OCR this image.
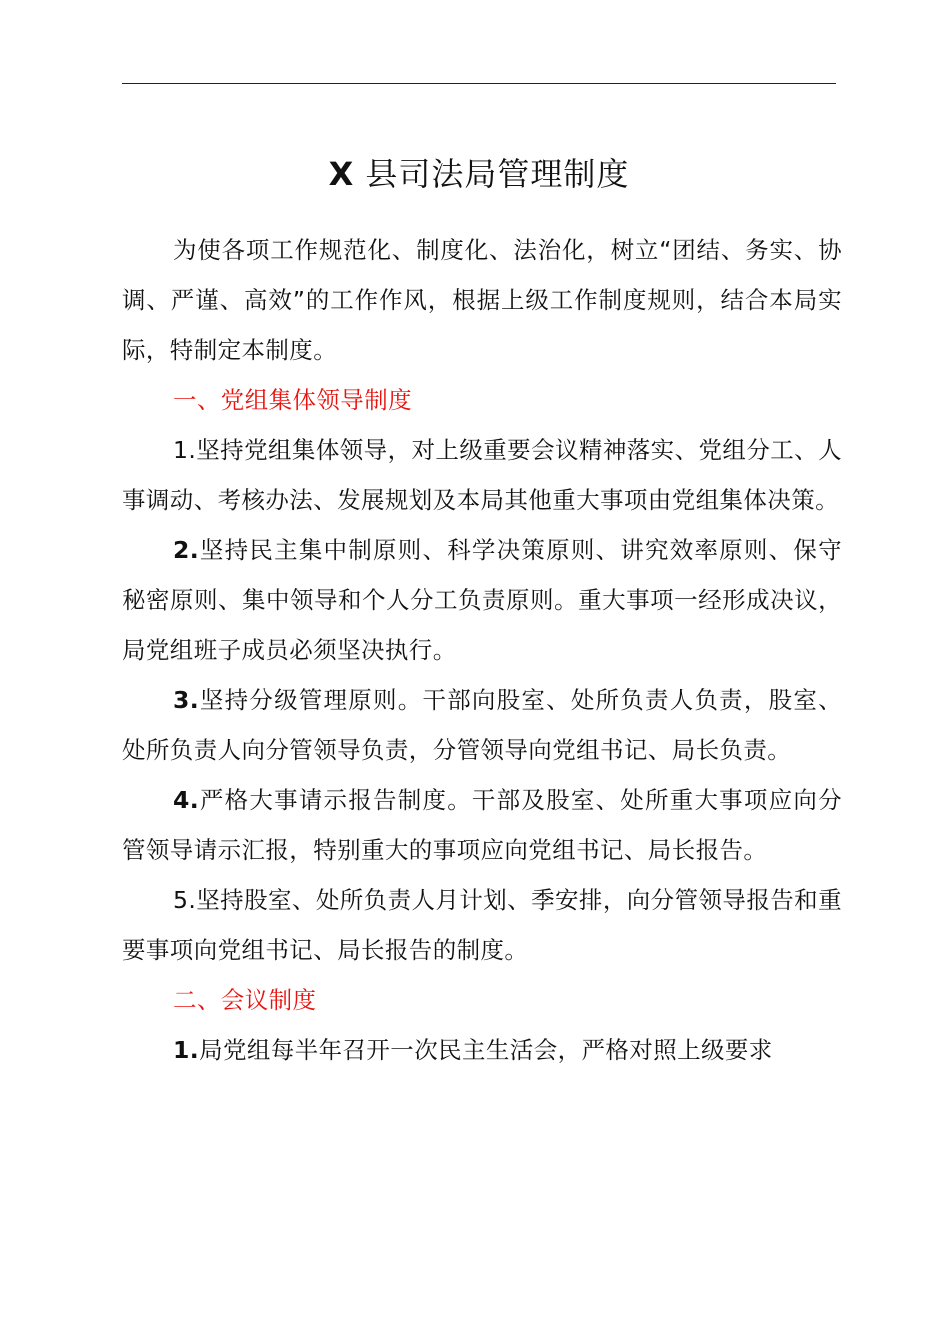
X 县司法局管理制度

为使各项工作规范化、制度化、法治化，树立“团结、务实、协调、严谨、高效”的工作作风，根据上级工作制度规则，结合本局实际，特制定本制度。

一、党组集体领导制度

1.坚持党组集体领导，对上级重要会议精神落实、党组分工、人事调动、考核办法、发展规划及本局其他重大事项由党组集体决策。

2.坚持民主集中制原则、科学决策原则、讲究效率原则、保守秘密原则、集中领导和个人分工负责原则。重大事项一经形成决议，局党组班子成员必须坚决执行。

3.坚持分级管理原则。干部向股室、处所负责人负责，股室、处所负责人向分管领导负责，分管领导向党组书记、局长负责。

4.严格大事请示报告制度。干部及股室、处所重大事项应向分管领导请示汇报，特别重大的事项应向党组书记、局长报告。

5.坚持股室、处所负责人月计划、季安排，向分管领导报告和重要事项向党组书记、局长报告的制度。

二、会议制度

1.局党组每半年召开一次民主生活会，严格对照上级要求
